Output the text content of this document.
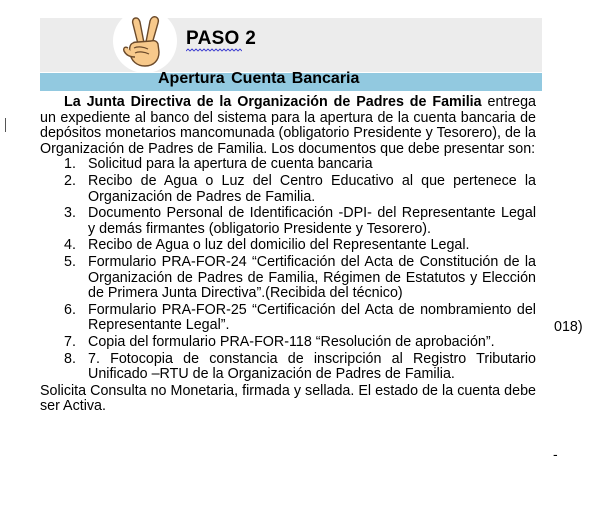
PASO 2
Apertura Cuenta Bancaria

La Junta Directiva de la Organización de Padres de Familia entrega un expediente al banco del sistema para la apertura de la cuenta bancaria de depósitos monetarios mancomunada (obligatorio Presidente y Tesorero), de la Organización de Padres de Familia. Los documentos que debe presentar son:

1. Solicitud para la apertura de cuenta bancaria
2. Recibo de Agua o Luz del Centro Educativo al que pertenece la Organización de Padres de Familia.
3. Documento Personal de Identificación -DPI- del Representante Legal y demás firmantes (obligatorio Presidente y Tesorero).
4. Recibo de Agua o luz del domicilio del Representante Legal.
5. Formulario PRA-FOR-24 “Certificación del Acta de Constitución de la Organización de Padres de Familia, Régimen de Estatutos y Elección de Primera Junta Directiva”.(Recibida del técnico)
6. Formulario PRA-FOR-25 “Certificación del Acta de nombramiento del Representante Legal”.
7. Copia del formulario PRA-FOR-118 “Resolución de aprobación”.
8. 7. Fotocopia de constancia de inscripción al Registro Tributario Unificado –RTU de la Organización de Padres de Familia.

Solicita Consulta no Monetaria, firmada y sellada. El estado de la cuenta debe ser Activa.

018)
-
